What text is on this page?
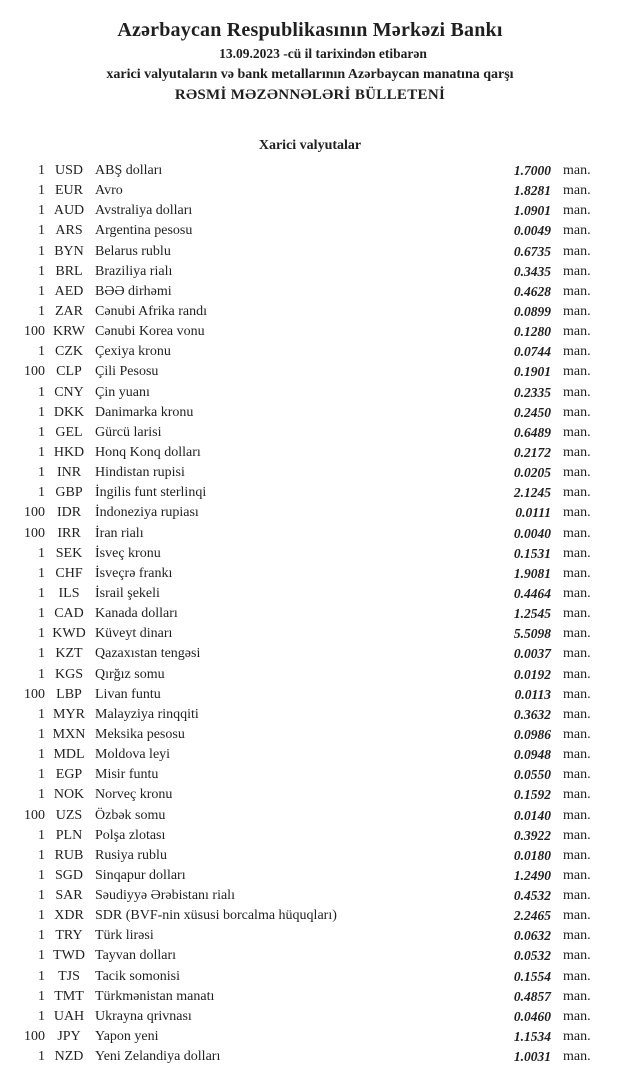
Azərbaycan Respublikasının Mərkəzi Bankı
13.09.2023 -cü il tarixindən etibarən
xarici valyutaların və bank metallarının Azərbaycan manatına qarşı
RƏSMİ MƏZƏNNƏLƏRİ BÜLLETENİ
Xarici valyutalar
1 USD ABŞ dolları	1.7000 man.
1 EUR Avro	1.8281 man.
1 AUD Avstraliya dolları	1.0901 man.
1 ARS Argentina pesosu	0.0049 man.
1 BYN Belarus rublu	0.6735 man.
1 BRL Braziliya rialı	0.3435 man.
1 AED BƏƏ dirhəmi	0.4628 man.
1 ZAR Cənubi Afrika randı	0.0899 man.
100 KRW Cənubi Korea vonu	0.1280 man.
1 CZK Çexiya kronu	0.0744 man.
100 CLP Çili Pesosu	0.1901 man.
1 CNY Çin yuanı	0.2335 man.
1 DKK Danimarka kronu	0.2450 man.
1 GEL Gürcü larisi	0.6489 man.
1 HKD Honq Konq dolları	0.2172 man.
1 INR Hindistan rupisi	0.0205 man.
1 GBP İngilis funt sterlinqi	2.1245 man.
100 IDR İndoneziya rupiası	0.0111 man.
100 IRR	İran rialı	0.0040 man.
1 SEK İsveç kronu	0.1531 man.
1 CHF İsveçrə frankı	1.9081 man.
1 ILS	İsrail şekeli	0.4464 man.
1 CAD Kanada dolları	1.2545 man.
1 KWD Küveyt dinarı	5.5098 man.
1 KZT Qazaxıstan tengəsi	0.0037 man.
1 KGS Qırğız somu	0.0192 man.
100 LBP Livan funtu	0.0113 man.
1 MYR Malayziya rinqqiti	0.3632 man.
1 MXN Meksika pesosu	0.0986 man.
1 MDL Moldova leyi	0.0948 man.
1 EGP Misir funtu	0.0550 man.
1 NOK Norveç kronu	0.1592 man.
100 UZS Özbək somu	0.0140 man.
1 PLN Polşa zlotası	0.3922 man.
1 RUB Rusiya rublu	0.0180 man.
1 SGD Sinqapur dolları	1.2490 man.
1 SAR Səudiyyə Ərəbistanı rialı	0.4532 man.
1 XDR SDR (BVF-nin xüsusi borcalma hüquqları)	2.2465 man.
1 TRY Türk lirəsi	0.0632 man.
1 TWD Tayvan dolları	0.0532 man.
1 TJS	Tacik somonisi	0.1554 man.
1 TMT Türkmənistan manatı	0.4857 man.
1 UAH Ukrayna qrivnası	0.0460 man.
100 JPY	Yapon yeni	1.1534 man.
1 NZD Yeni Zelandiya dolları	1.0031 man.
